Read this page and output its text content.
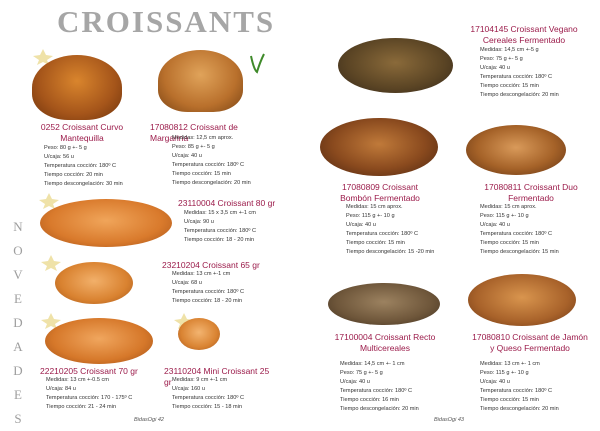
CROISSANTS
N
O
V
E
D
A
D
E
S
0252 Croissant Curvo Mantequilla
Peso: 80 g +- 5 g
U/caja: 56 u
Temperatura cocción: 180º C
Tiempo cocción: 20 min
Tiempo descongelación: 30 min
17080812 Croissant de Margarina
Medidas: 12,5 cm aprox.
Peso: 85 g +- 5 g
U/caja: 40 u
Temperatura cocción: 180º C
Tiempo cocción: 15 min
Tiempo descongelación: 20 min
23110004 Croissant 80 gr
Medidas: 15 x 3,5 cm +-1 cm
U/caja: 90 u
Temperatura cocción: 180º C
Tiempo cocción: 18 - 20 min
23210204 Croissant 65 gr
Medidas: 13 cm +-1 cm
U/caja: 68 u
Temperatura cocción: 180º C
Tiempo cocción: 18 - 20 min
22210205 Croissant 70 gr
Medidas: 13 cm +-0.5 cm
U/caja: 84 u
Temperatura cocción: 170 - 175º C
Tiempo cocción: 21 - 24 min
23110204 Mini Croissant 25 gr Medidas: 9 cm +-1 cm
U/caja: 160 u
Temperatura cocción: 180º C
Tiempo cocción: 15 - 18 min
17104145 Croissant Vegano Cereales Fermentado
Medidas: 14,5 cm +-5 g
Peso: 75 g +- 5 g
U/caja: 40 u
Temperatura cocción: 180º C
Tiempo cocción: 15 min
Tiempo descongelación: 20 min
17080809 Croissant Bombón Fermentado
Medidas: 15 cm aprox.
Peso: 115 g +- 10 g
U/caja: 40 u
Temperatura cocción: 180º C
Tiempo cocción: 15 min
Tiempo descongelación: 15 -20 min
17080811 Croissant Duo Fermentado
Medidas: 15 cm aprox.
Peso: 115 g +- 10 g
U/caja: 40 u
Temperatura cocción: 180º C
Tiempo cocción: 15 min
Tiempo descongelación: 15 min
17100004 Croissant Recto Multicereales
Medidas: 14,5 cm +- 1 cm
Peso: 75 g +- 5 g
U/caja: 40 u
Temperatura cocción: 180º C
Tiempo cocción: 16 min
Tiempo descongelación: 20 min
17080810 Croissant de Jamón y Queso Fermentado
Medidas: 13 cm +- 1 cm
Peso: 115 g +- 10 g
U/caja: 40 u
Temperatura cocción: 180º C
Tiempo cocción: 15 min
Tiempo descongelación: 20 min
BidasOgi 42	BidasOgi 43
